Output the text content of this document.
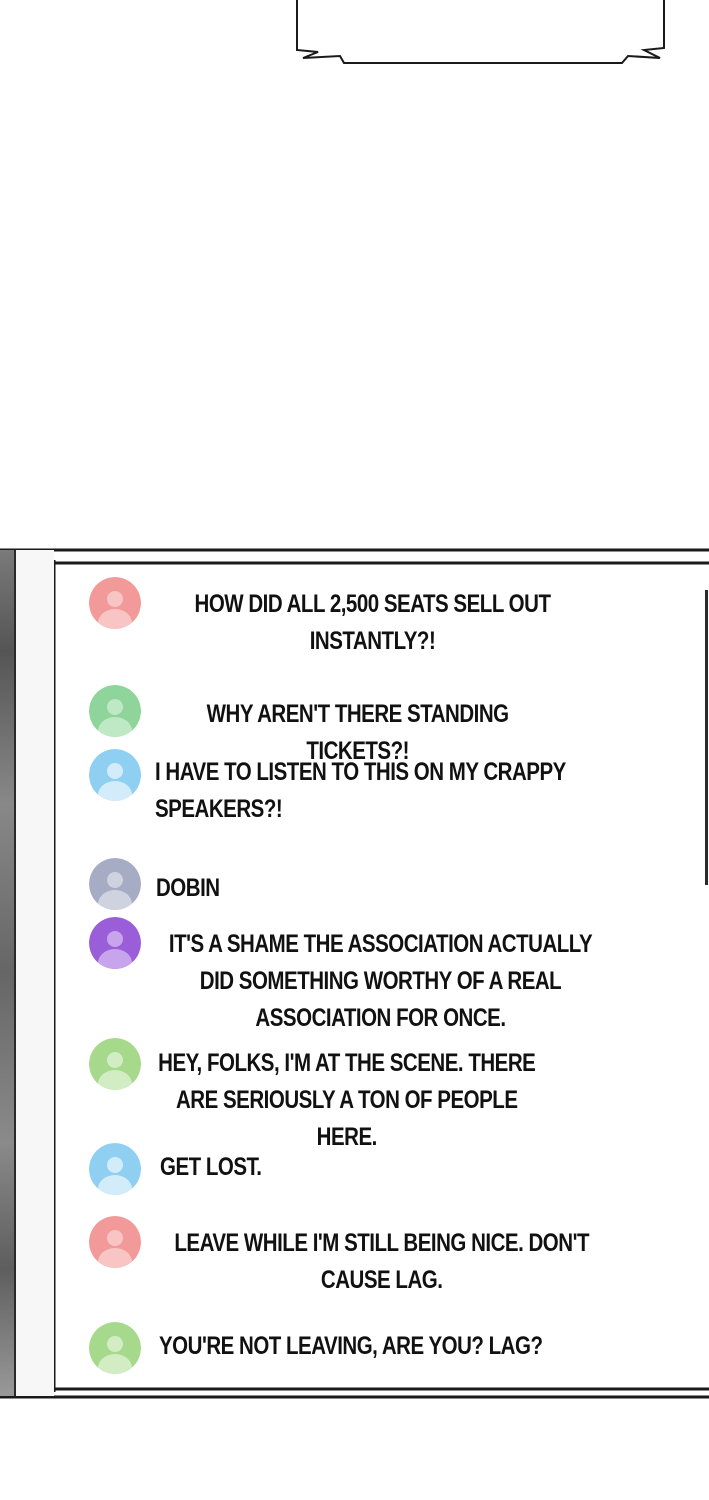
HOW DID ALL 2,500 SEATS SELL OUT INSTANTLY?!
WHY AREN'T THERE STANDING TICKETS?!
I HAVE TO LISTEN TO THIS ON MY CRAPPY SPEAKERS?!
DOBIN
IT'S A SHAME THE ASSOCIATION ACTUALLY DID SOMETHING WORTHY OF A REAL ASSOCIATION FOR ONCE.
HEY, FOLKS, I'M AT THE SCENE. THERE ARE SERIOUSLY A TON OF PEOPLE HERE.
GET LOST.
LEAVE WHILE I'M STILL BEING NICE. DON'T CAUSE LAG.
YOU'RE NOT LEAVING, ARE YOU? LAG?
